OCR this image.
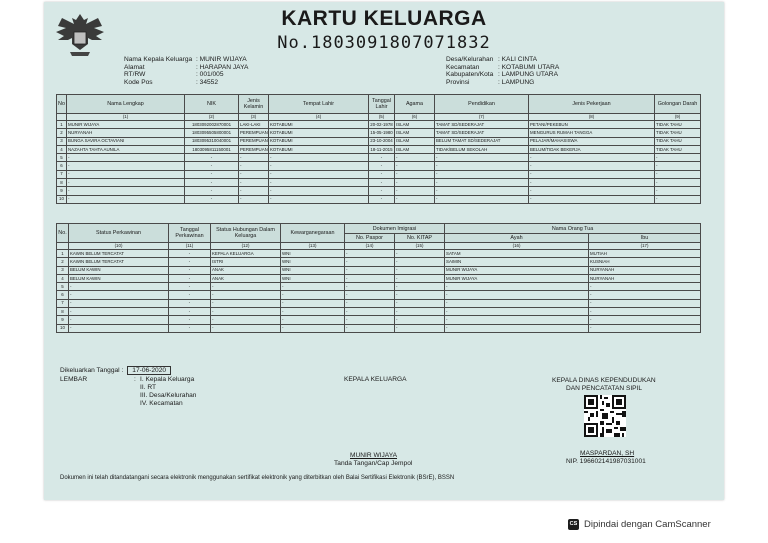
KARTU KELUARGA
No.1803091807071832
Nama Kepala Keluarga : MUNIR WIJAYA
Alamat	: HARAPAN JAYA
RT/RW	: 001/005
Kode Pos	: 34552
Desa/Kelurahan : KALI CINTA
Kecamatan	: KOTABUMI UTARA
Kabupaten/Kota : LAMPUNG UTARA
Provinsi	: LAMPUNG
No	Nama Lengkap	NIK	Jenis Kelamin	Tempat Lahir	Tanggal Lahir	Agama	Pendidikan	Jenis Pekerjaan	Golongan Darah
	(1)	(2)	(3)	(4)	(5)	(6)	(7)	(8)	(9)
1	MUNIR WIJAYA	1803092002870001	LAKI-LAKI	KOTABUMI	20-02-1978	ISLAM	TAMAT SD/SEDERAJAT	PETANI/PEKEBUN	TIDAK TAHU
2	NURYANAH	1803095505800001	PEREMPUAN	KOTABUMI	15-05-1980	ISLAM	TAMAT SD/SEDERAJAT	MENGURUS RUMAH TANGGA	TIDAK TAHU
3	BUNGA SAVIRA OCTAVIANI	1803095310040001	PEREMPUAN	KOTABUMI	23-10-2004	ISLAM	BELUM TAMAT SD/SEDERAJAT	PELAJAR/MAHASISWA	TIDAK TAHU
4	NAZAHTA TAHTA AUNILA	1803095811150001	PEREMPUAN	KOTABUMI	18-11-2015	ISLAM	TIDAK/BELUM SEKOLAH	BELUM/TIDAK BEKERJA	TIDAK TAHU
5	-	-	-	-	-	-	-	-	-
6	-	-	-	-	-	-	-	-	-
7	-	-	-	-	-	-	-	-	-
8	-	-	-	-	-	-	-	-	-
9	-	-	-	-	-	-	-	-	-
10	-	-	-	-	-	-	-	-	-
No.	Status Perkawinan	Tanggal Perkawinan	Status Hubungan Dalam Keluarga	Kewarganegaraan	Dokumen Imigrasi		Nama Orang Tua	
					No. Paspor	No. KITAP	Ayah	Ibu
	(10)	(11)	(12)	(13)	(14)	(15)	(16)	(17)
1	KAWIN BELUM TERCATAT	-	KEPALA KELUARGA	WNI	-	-	SATAM	MUTIAH
2	KAWIN BELUM TERCATAT	-	ISTRI	WNI	-	-	SAIMIN	KUSNIAH
3	BELUM KAWIN	-	ANAK	WNI	-	-	MUNIR WIJAYA	NURYANAH
4	BELUM KAWIN	-	ANAK	WNI	-	-	MUNIR WIJAYA	NURYANAH
5	-	-	-	-	-	-	-	-
6	-	-	-	-	-	-	-	-
7	-	-	-	-	-	-	-	-
8	-	-	-	-	-	-	-	-
9	-	-	-	-	-	-	-	-
10	-	-	-	-	-	-	-	-
Dikeluarkan Tanggal : 17-06-2020
LEMBAR	: I. Kepala Keluarga
II. RT
III. Desa/Kelurahan
IV. Kecamatan
KEPALA KELUARGA
MUNIR WIJAYA
Tanda Tangan/Cap Jempol
KEPALA DINAS KEPENDUDUKAN
DAN PENCATATAN SIPIL
MASPARDAN, SH
NIP. 196602141987031001
Dokumen ini telah ditandatangani secara elektronik menggunakan sertifikat elektronik yang diterbitkan oleh Balai Sertifikasi Elektronik (BSrE), BSSN
CS Dipindai dengan CamScanner
